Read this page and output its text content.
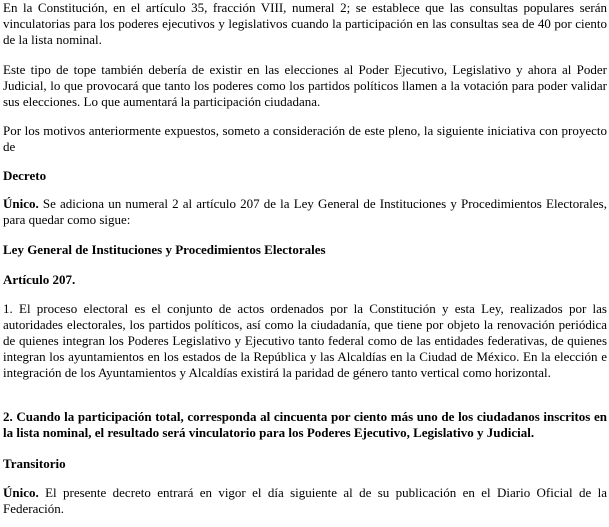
En la Constitución, en el artículo 35, fracción VIII, numeral 2; se establece que las consultas populares serán vinculatorias para los poderes ejecutivos y legislativos cuando la participación en las consultas sea de 40 por ciento de la lista nominal.

Este tipo de tope también debería de existir en las elecciones al Poder Ejecutivo, Legislativo y ahora al Poder Judicial, lo que provocará que tanto los poderes como los partidos políticos llamen a la votación para poder validar sus elecciones. Lo que aumentará la participación ciudadana.

Por los motivos anteriormente expuestos, someto a consideración de este pleno, la siguiente iniciativa con proyecto de

Decreto

Único. Se adiciona un numeral 2 al artículo 207 de la Ley General de Instituciones y Procedimientos Electorales, para quedar como sigue:

Ley General de Instituciones y Procedimientos Electorales

Artículo 207.

1. El proceso electoral es el conjunto de actos ordenados por la Constitución y esta Ley, realizados por las autoridades electorales, los partidos políticos, así como la ciudadanía, que tiene por objeto la renovación periódica de quienes integran los Poderes Legislativo y Ejecutivo tanto federal como de las entidades federativas, de quienes integran los ayuntamientos en los estados de la República y las Alcaldías en la Ciudad de México. En la elección e integración de los Ayuntamientos y Alcaldías existirá la paridad de género tanto vertical como horizontal.

2. Cuando la participación total, corresponda al cincuenta por ciento más uno de los ciudadanos inscritos en la lista nominal, el resultado será vinculatorio para los Poderes Ejecutivo, Legislativo y Judicial.

Transitorio

Único. El presente decreto entrará en vigor el día siguiente al de su publicación en el Diario Oficial de la Federación.
